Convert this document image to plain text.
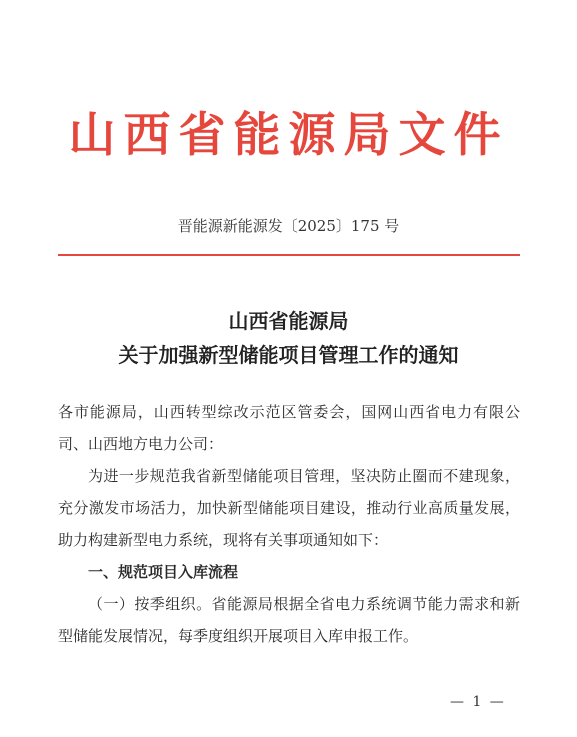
山西省能源局文件
晋能源新能源发〔2025〕175 号
山西省能源局
关于加强新型储能项目管理工作的通知
各市能源局，山西转型综改示范区管委会，国网山西省电力有限公司、山西地方电力公司：
为进一步规范我省新型储能项目管理，坚决防止圈而不建现象，充分激发市场活力，加快新型储能项目建设，推动行业高质量发展，助力构建新型电力系统，现将有关事项通知如下：
一、规范项目入库流程
（一）按季组织。省能源局根据全省电力系统调节能力需求和新型储能发展情况，每季度组织开展项目入库申报工作。
— 1 —
